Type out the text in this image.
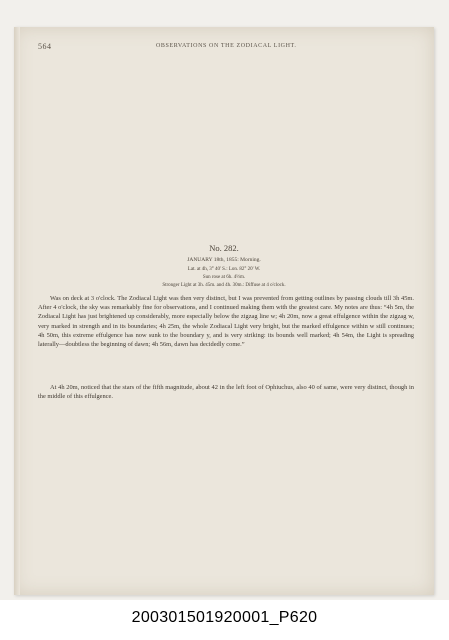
564	OBSERVATIONS ON THE ZODIACAL LIGHT.
No. 282.
JANUARY 18th, 1855: Morning.
Lat. at 4h, 3° 40' S.: Lon. 82° 20' W.
Sun rose at 6h. 4½m.
Stronger Light at 3h. 45m. and 4h. 30m.: Diffuse at 4 o'clock.

Was on deck at 3 o'clock. The Zodiacal Light was then very distinct, but I was prevented from getting outlines by passing clouds till 3h 45m. After 4 o'clock, the sky was remarkably fine for observations, and I continued making them with the greatest care. My notes are thus: “4h 5m, the Zodiacal Light has just brightened up considerably, more especially below the zigzag line w; 4h 20m, now a great effulgence within the zigzag w, very marked in strength and in its boundaries; 4h 25m, the whole Zodiacal Light very bright, but the marked effulgence within w still continues; 4h 50m, this extreme effulgence has now sunk to the boundary y, and is very striking: its bounds well marked; 4h 54m, the Light is spreading laterally—doubtless the beginning of dawn; 4h 56m, dawn has decidedly come.”

At 4h 20m, noticed that the stars of the fifth magnitude, about 42 in the left foot of Ophiuchus, also 40 of same, were very distinct, though in the middle of this effulgence.

200301501920001_P620
